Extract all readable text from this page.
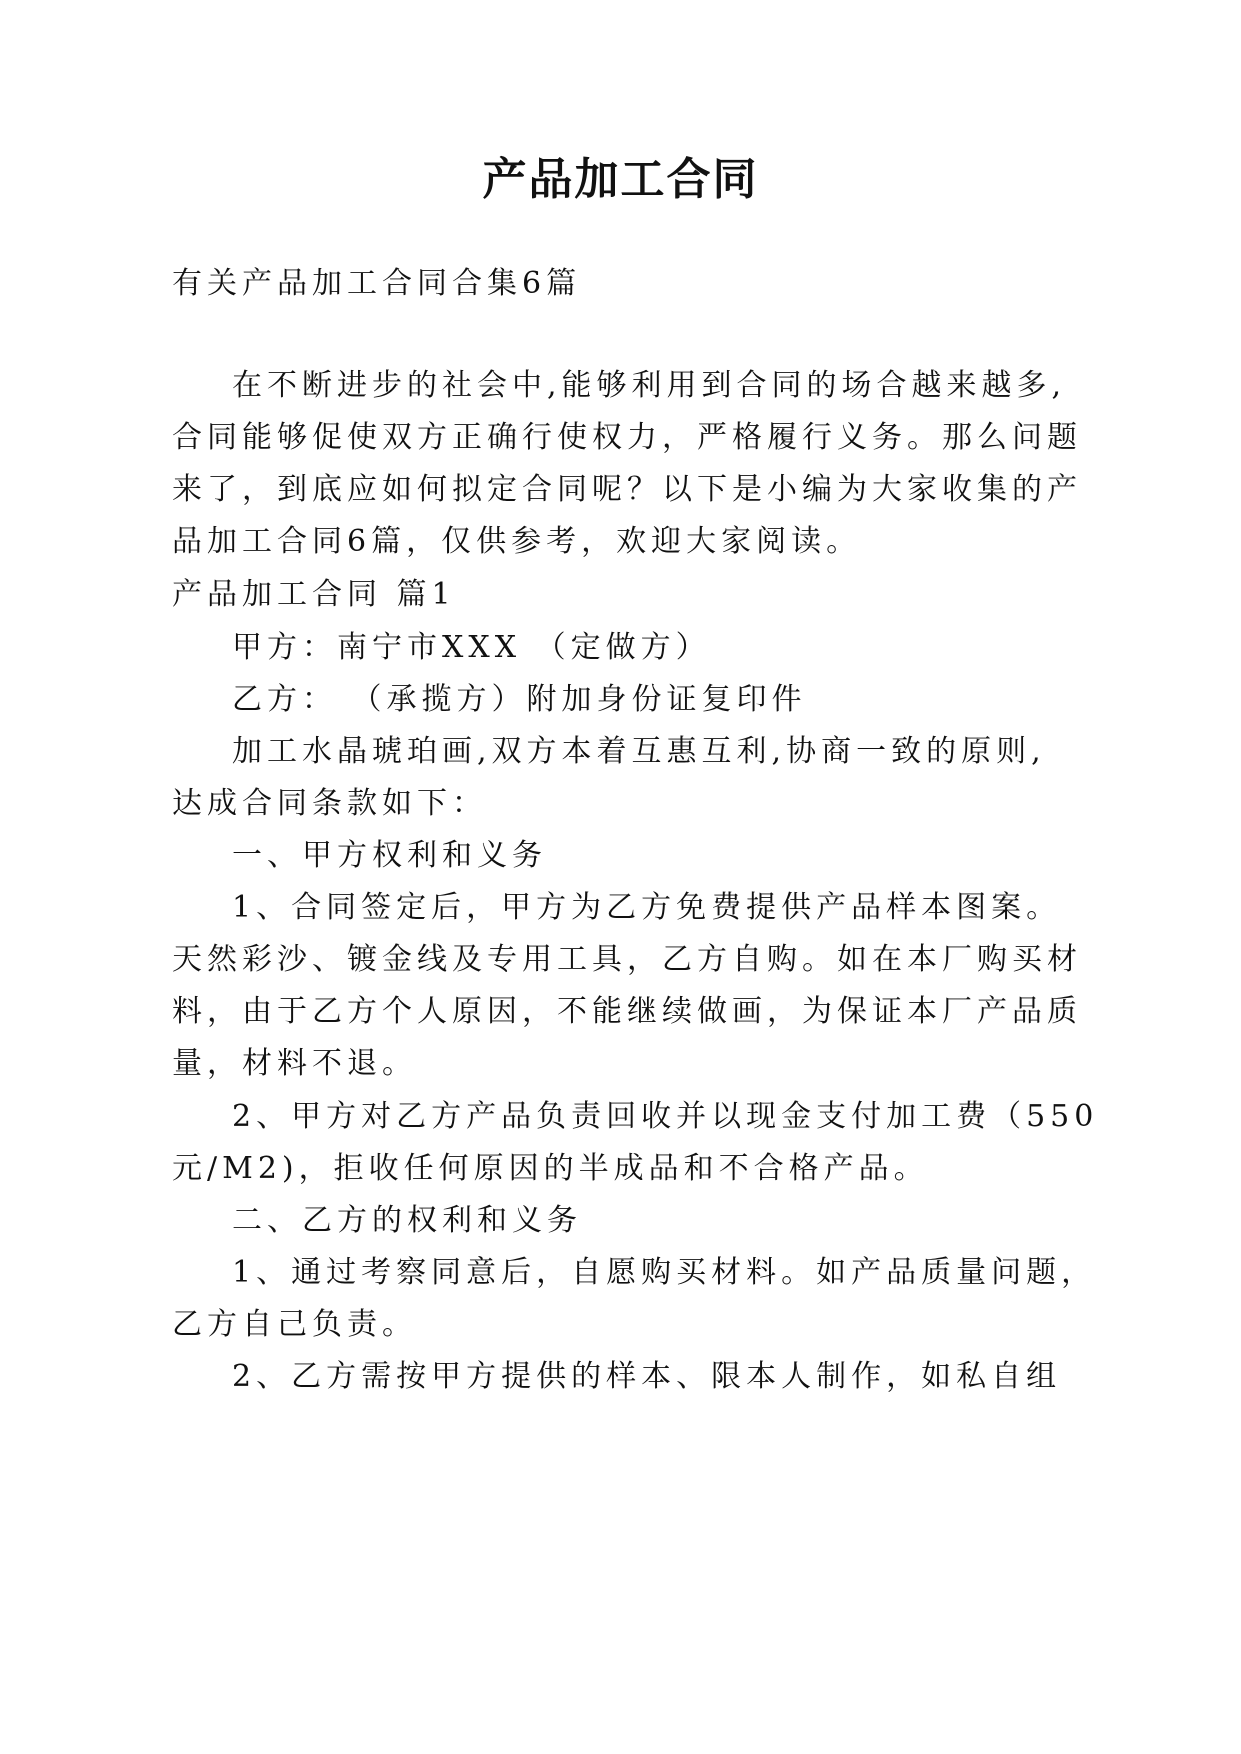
产品加工合同
有关产品加工合同合集6篇
在不断进步的社会中,能够利用到合同的场合越来越多,
合同能够促使双方正确行使权力，严格履行义务。那么问题
来了，到底应如何拟定合同呢？以下是小编为大家收集的产
品加工合同6篇，仅供参考，欢迎大家阅读。
产品加工合同 篇1
甲方：南宁市XXX （定做方）
乙方： （承揽方）附加身份证复印件
加工水晶琥珀画,双方本着互惠互利,协商一致的原则,
达成合同条款如下：
一、甲方权利和义务
1、合同签定后，甲方为乙方免费提供产品样本图案。
天然彩沙、镀金线及专用工具，乙方自购。如在本厂购买材
料，由于乙方个人原因，不能继续做画，为保证本厂产品质
量，材料不退。
2、甲方对乙方产品负责回收并以现金支付加工费（550
元/M2)，拒收任何原因的半成品和不合格产品。
二、乙方的权利和义务
1、通过考察同意后，自愿购买材料。如产品质量问题，
乙方自己负责。
2、乙方需按甲方提供的样本、限本人制作，如私自组
